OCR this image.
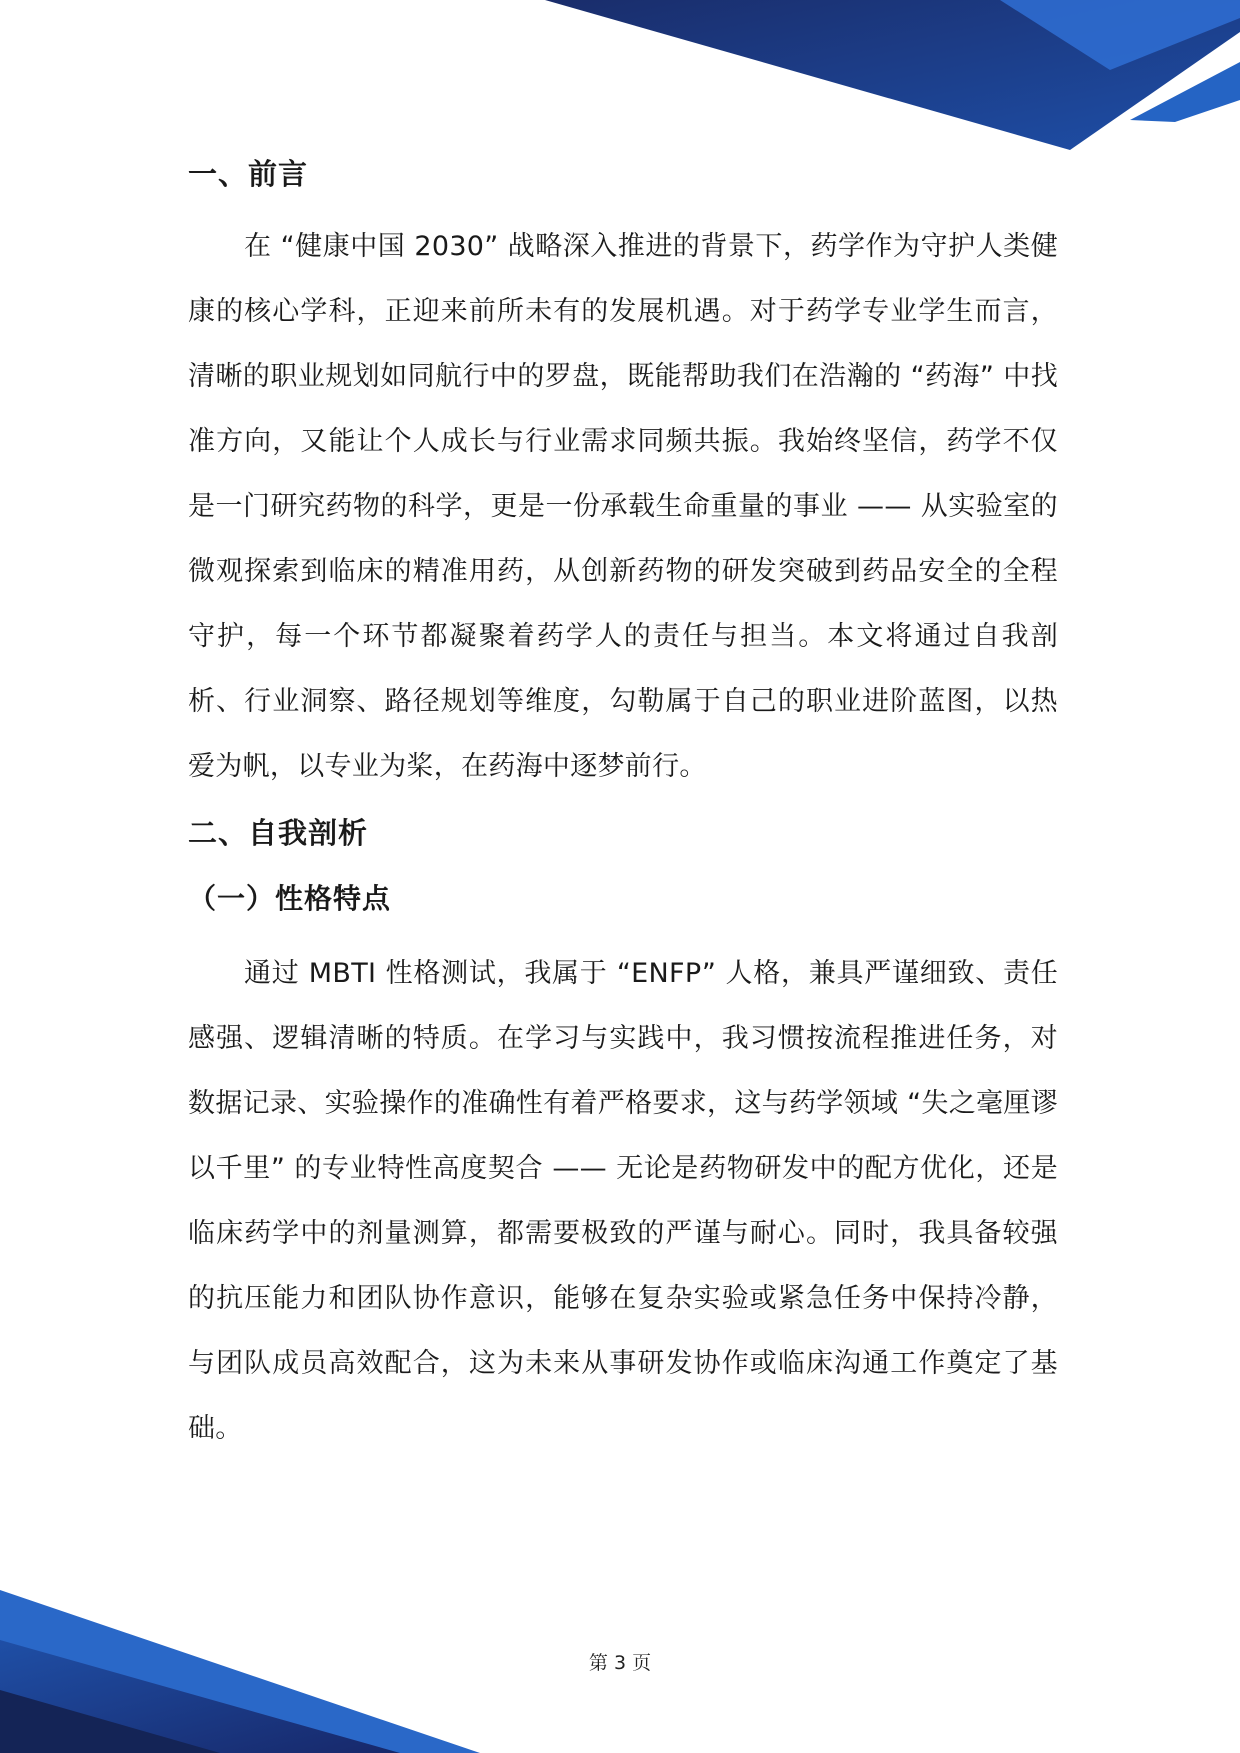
一、前言

在 “健康中国 2030” 战略深入推进的背景下，药学作为守护人类健康的核心学科，正迎来前所未有的发展机遇。对于药学专业学生而言，清晰的职业规划如同航行中的罗盘，既能帮助我们在浩瀚的 “药海” 中找准方向，又能让个人成长与行业需求同频共振。我始终坚信，药学不仅是一门研究药物的科学，更是一份承载生命重量的事业 —— 从实验室的微观探索到临床的精准用药，从创新药物的研发突破到药品安全的全程守护，每一个环节都凝聚着药学人的责任与担当。本文将通过自我剖析、行业洞察、路径规划等维度，勾勒属于自己的职业进阶蓝图，以热爱为帆，以专业为桨，在药海中逐梦前行。

二、自我剖析
（一）性格特点

通过 MBTI 性格测试，我属于 “ENFP” 人格，兼具严谨细致、责任感强、逻辑清晰的特质。在学习与实践中，我习惯按流程推进任务，对数据记录、实验操作的准确性有着严格要求，这与药学领域 “失之毫厘谬以千里” 的专业特性高度契合 —— 无论是药物研发中的配方优化，还是临床药学中的剂量测算，都需要极致的严谨与耐心。同时，我具备较强的抗压能力和团队协作意识，能够在复杂实验或紧急任务中保持冷静，与团队成员高效配合，这为未来从事研发协作或临床沟通工作奠定了基础。

第 3 页
